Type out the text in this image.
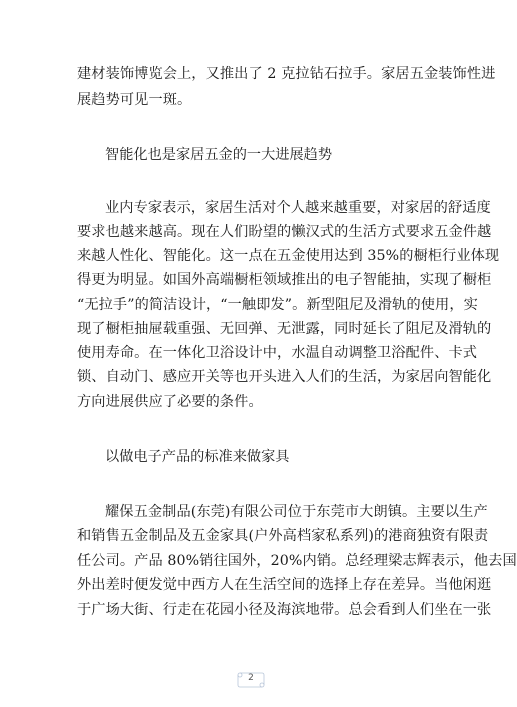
建材装饰博览会上，又推出了 2 克拉钻石拉手。家居五金装饰性进
展趋势可见一斑。
智能化也是家居五金的一大进展趋势
业内专家表示，家居生活对个人越来越重要，对家居的舒适度
要求也越来越高。现在人们盼望的懒汉式的生活方式要求五金件越
来越人性化、智能化。这一点在五金使用达到 35%的橱柜行业体现
得更为明显。如国外高端橱柜领域推出的电子智能抽，实现了橱柜
“无拉手”的简洁设计，“一触即发”。新型阻尼及滑轨的使用，实
现了橱柜抽屉载重强、无回弹、无泄露，同时延长了阻尼及滑轨的
使用寿命。在一体化卫浴设计中，水温自动调整卫浴配件、卡式
锁、自动门、感应开关等也开头进入人们的生活，为家居向智能化
方向进展供应了必要的条件。
以做电子产品的标准来做家具
耀保五金制品(东莞)有限公司位于东莞市大朗镇。主要以生产
和销售五金制品及五金家具(户外高档家私系列)的港商独资有限责
任公司。产品 80%销往国外，20%内销。总经理梁志辉表示，他去国
外出差时便发觉中西方人在生活空间的选择上存在差异。当他闲逛
于广场大街、行走在花园小径及海滨地带。总会看到人们坐在一张
2
